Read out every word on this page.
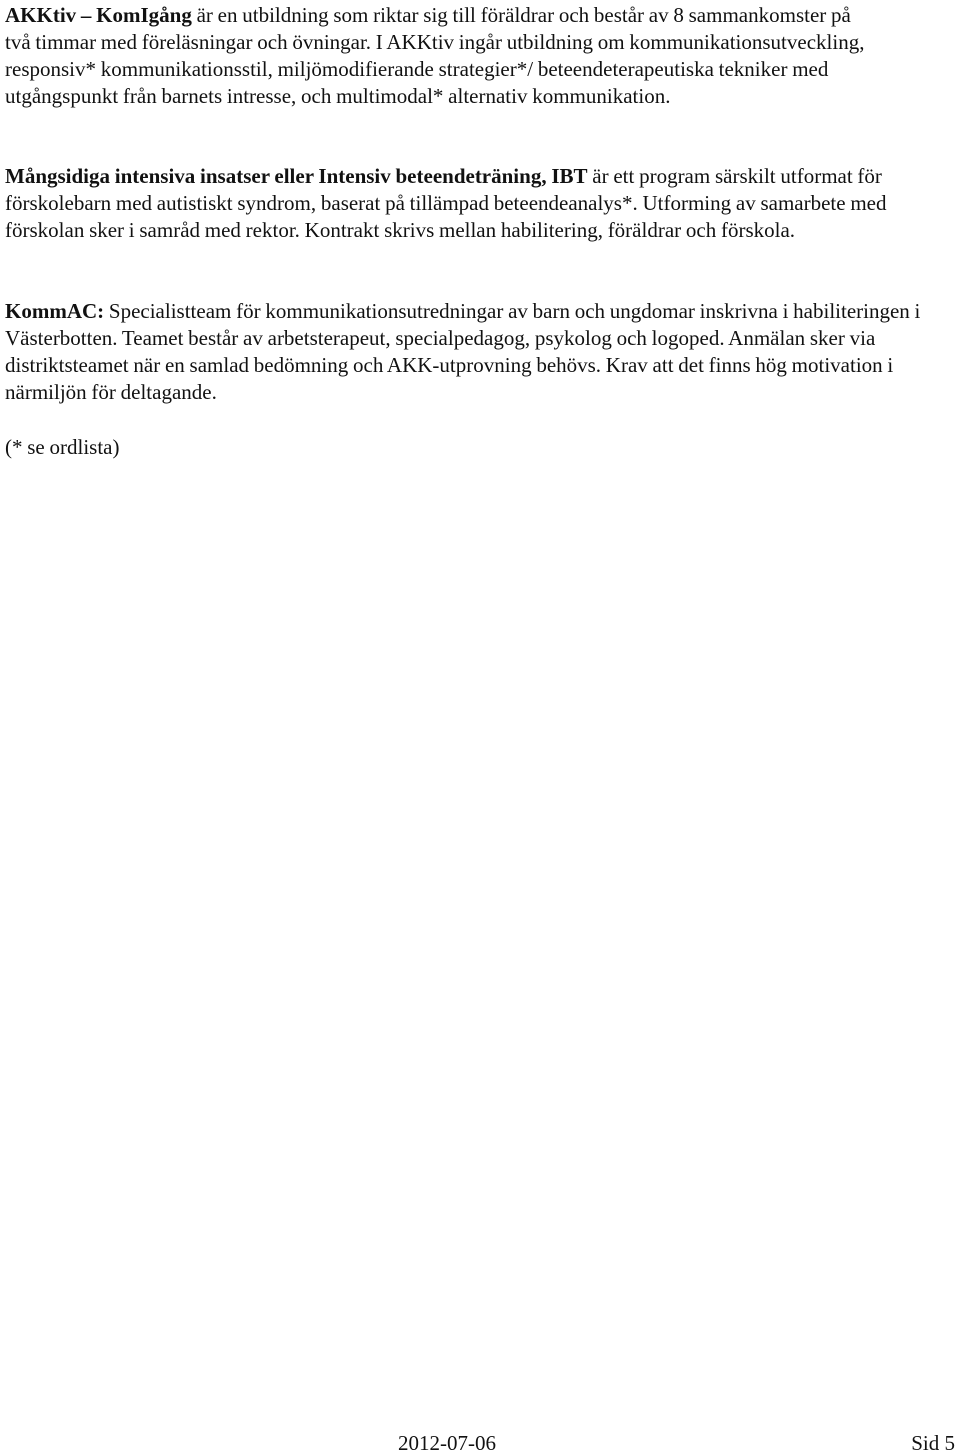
AKKtiv – KomIgång är en utbildning som riktar sig till föräldrar och består av 8 sammankomster på två timmar med föreläsningar och övningar. I AKKtiv ingår utbildning om kommunikationsutveckling, responsiv* kommunikationsstil, miljömodifierande strategier*/ beteendeterapeutiska tekniker med utgångspunkt från barnets intresse, och multimodal* alternativ kommunikation.

Mångsidiga intensiva insatser eller Intensiv beteendeträning, IBT är ett program särskilt utformat för förskolebarn med autistiskt syndrom, baserat på tillämpad beteendeanalys*. Utforming av samarbete med förskolan sker i samråd med rektor. Kontrakt skrivs mellan habilitering, föräldrar och förskola.

KommAC: Specialistteam för kommunikationsutredningar av barn och ungdomar inskrivna i habiliteringen i Västerbotten. Teamet består av arbetsterapeut, specialpedagog, psykolog och logoped. Anmälan sker via distriktsteamet när en samlad bedömning och AKK-utprovning behövs. Krav att det finns hög motivation i närmiljön för deltagande.

(* se ordlista)

2012-07-06	Sid 5
